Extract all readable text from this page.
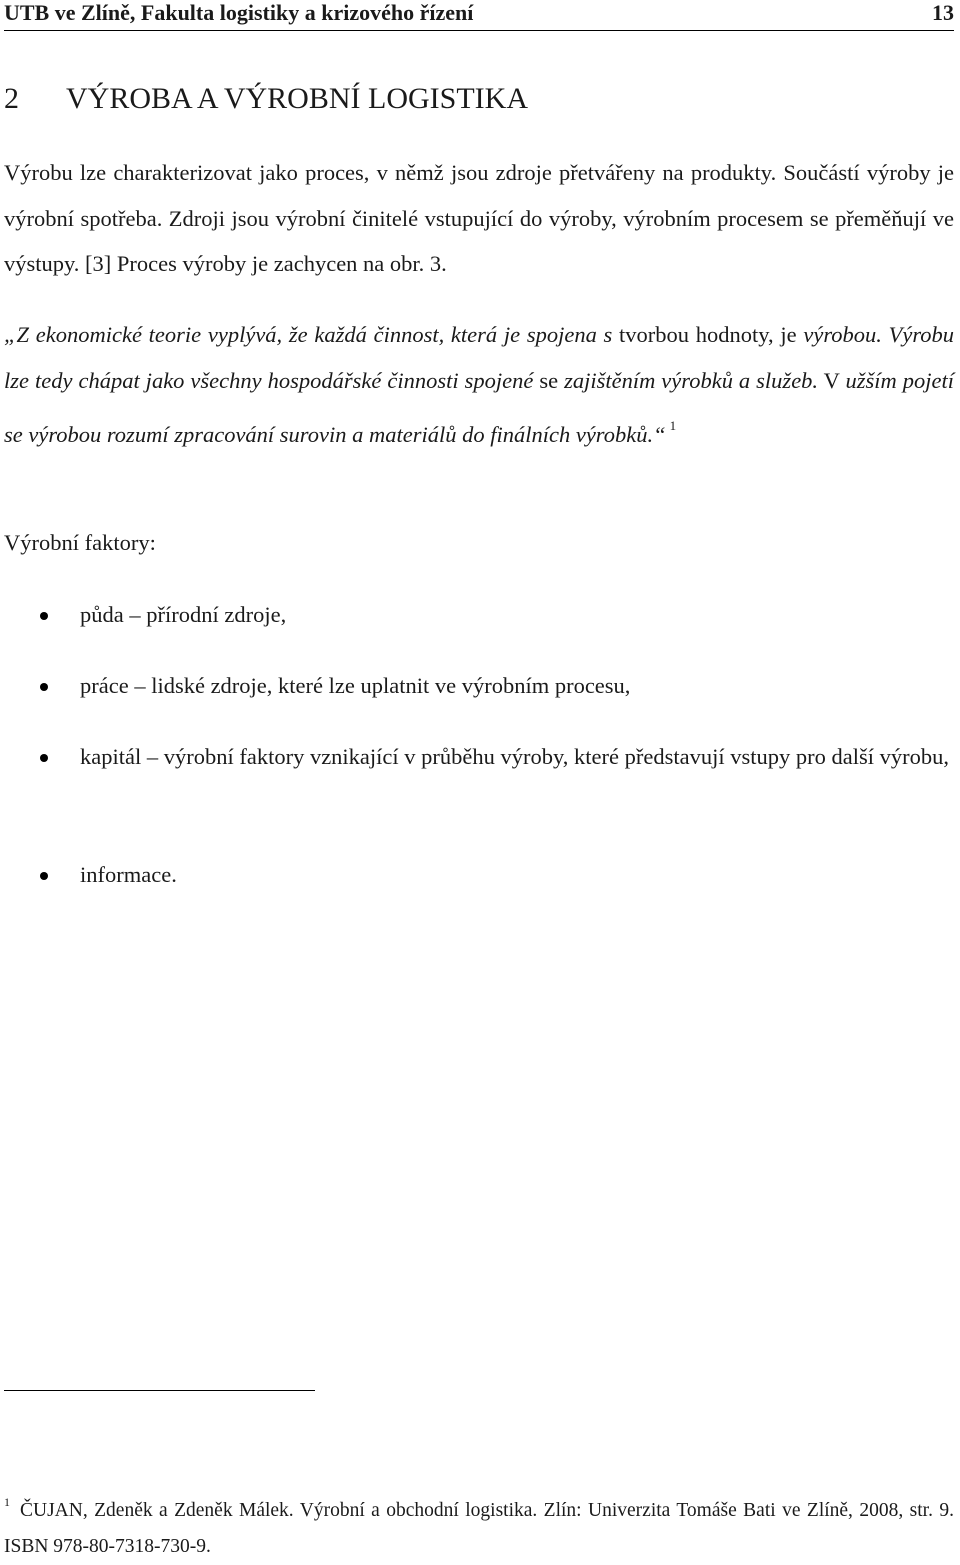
UTB ve Zlíně, Fakulta logistiky a krizového řízení	13
2 VÝROBA A VÝROBNÍ LOGISTIKA

Výrobu lze charakterizovat jako proces, v němž jsou zdroje přetvářeny na produkty. Součástí výroby je výrobní spotřeba. Zdroji jsou výrobní činitelé vstupující do výroby, výrobním procesem se přeměňují ve výstupy. [3] Proces výroby je zachycen na obr. 3.

„Z ekonomické teorie vyplývá, že každá činnost, která je spojena s tvorbou hodnoty, je výrobou. Výrobu lze tedy chápat jako všechny hospodářské činnosti spojené se zajištěním výrobků a služeb. V užším pojetí se výrobou rozumí zpracování surovin a materiálů do finálních výrobků.“ $^1$

Výrobní faktory:

půda – přírodní zdroje,
práce – lidské zdroje, které lze uplatnit ve výrobním procesu,
kapitál – výrobní faktory vznikající v průběhu výroby, které představují vstupy pro další výrobu,
informace.
$^1$ ČUJAN, Zdeněk a Zdeněk Málek. Výrobní a obchodní logistika. Zlín: Univerzita Tomáše Bati ve Zlíně, 2008, str. 9. ISBN 978-80-7318-730-9.
